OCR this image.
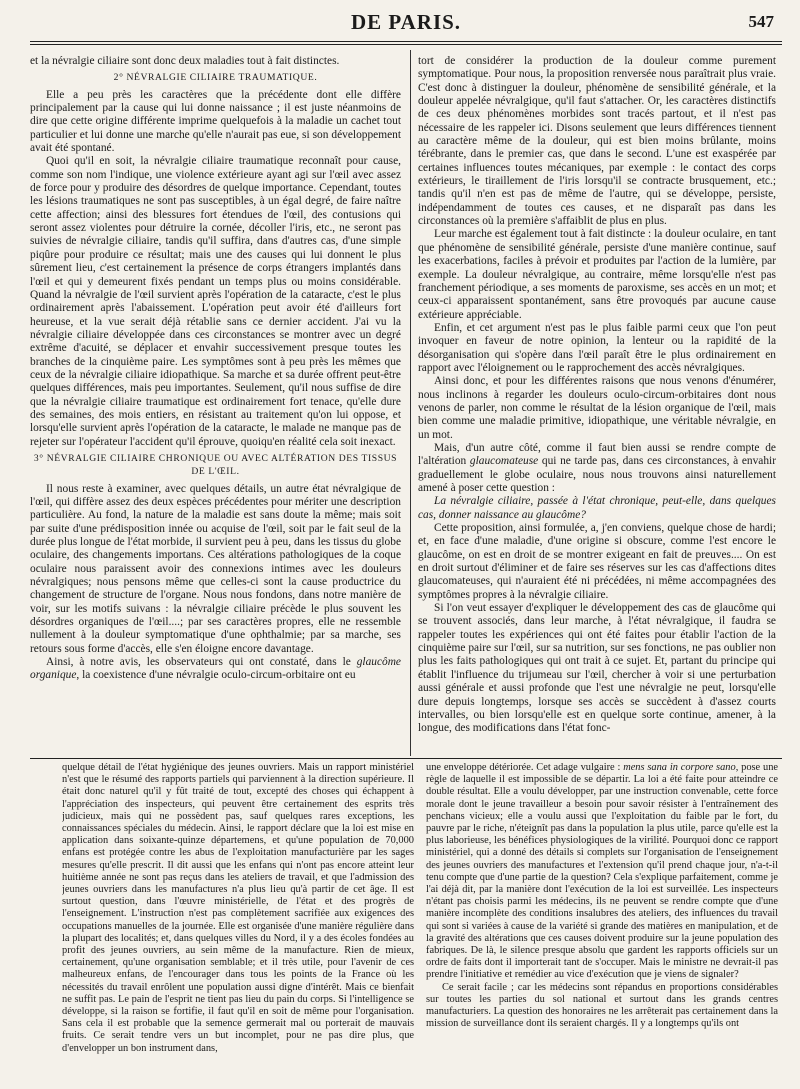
DE PARIS.	547

et la névralgie ciliaire sont donc deux maladies tout à fait distinctes.

2° NÉVRALGIE CILIAIRE TRAUMATIQUE.

Elle a peu près les caractères que la précédente dont elle diffère principalement par la cause qui lui donne naissance ; il est juste néanmoins de dire que cette origine différente imprime quelquefois à la maladie un cachet tout particulier et lui donne une marche qu'elle n'aurait pas eue, si son développement avait été spontané.

Quoi qu'il en soit, la névralgie ciliaire traumatique reconnaît pour cause, comme son nom l'indique, une violence extérieure ayant agi sur l'œil avec assez de force pour y produire des désordres de quelque importance. Cependant, toutes les lésions traumatiques ne sont pas susceptibles, à un égal degré, de faire naître cette affection; ainsi des blessures fort étendues de l'œil, des contusions qui seront assez violentes pour détruire la cornée, décoller l'iris, etc., ne seront pas suivies de névralgie ciliaire, tandis qu'il suffira, dans d'autres cas, d'une simple piqûre pour produire ce résultat; mais une des causes qui lui donnent le plus sûrement lieu, c'est certainement la présence de corps étrangers implantés dans l'œil et qui y demeurent fixés pendant un temps plus ou moins considérable. Quand la névralgie de l'œil survient après l'opération de la cataracte, c'est le plus ordinairement après l'abaissement. L'opération peut avoir été d'ailleurs fort heureuse, et la vue serait déjà rétablie sans ce dernier accident. J'ai vu la névralgie ciliaire développée dans ces circonstances se montrer avec un degré extrême d'acuité, se déplacer et envahir successivement presque toutes les branches de la cinquième paire. Les symptômes sont à peu près les mêmes que ceux de la névralgie ciliaire idiopathique. Sa marche et sa durée offrent peut-être quelques différences, mais peu importantes. Seulement, qu'il nous suffise de dire que la névralgie ciliaire traumatique est ordinairement fort tenace, qu'elle dure des semaines, des mois entiers, en résistant au traitement qu'on lui oppose, et lorsqu'elle survient après l'opération de la cataracte, le malade ne manque pas de rejeter sur l'opérateur l'accident qu'il éprouve, quoiqu'en réalité cela soit inexact.

3° NÉVRALGIE CILIAIRE CHRONIQUE OU AVEC ALTÉRATION DES TISSUS DE L'ŒIL.

Il nous reste à examiner, avec quelques détails, un autre état névralgique de l'œil, qui diffère assez des deux espèces précédentes pour mériter une description particulière. Au fond, la nature de la maladie est sans doute la même; mais soit par suite d'une prédisposition innée ou acquise de l'œil, soit par le fait seul de la durée plus longue de l'état morbide, il survient peu à peu, dans les tissus du globe oculaire, des changements importans. Ces altérations pathologiques de la coque oculaire nous paraissent avoir des connexions intimes avec les douleurs névralgiques; nous pensons même que celles-ci sont la cause productrice du changement de structure de l'organe. Nous nous fondons, dans notre manière de voir, sur les motifs suivans : la névralgie ciliaire précède le plus souvent les désordres organiques de l'œil....; par ses caractères propres, elle ne ressemble nullement à la douleur symptomatique d'une ophthalmie; par sa marche, ses retours sous forme d'accès, elle s'en éloigne encore davantage.

Ainsi, à notre avis, les observateurs qui ont constaté, dans le glaucôme organique, la coexistence d'une névralgie oculo-circum-orbitaire ont eu

tort de considérer la production de la douleur comme purement symptomatique. Pour nous, la proposition renversée nous paraîtrait plus vraie. C'est donc à distinguer la douleur, phénomène de sensibilité générale, et la douleur appelée névralgique, qu'il faut s'attacher. Or, les caractères distinctifs de ces deux phénomènes morbides sont tracés partout, et il n'est pas nécessaire de les rappeler ici. Disons seulement que leurs différences tiennent au caractère même de la douleur, qui est bien moins brûlante, moins térébrante, dans le premier cas, que dans le second. L'une est exaspérée par certaines influences toutes mécaniques, par exemple : le contact des corps extérieurs, le tiraillement de l'iris lorsqu'il se contracte brusquement, etc.; tandis qu'il n'en est pas de même de l'autre, qui se développe, persiste, indépendamment de toutes ces causes, et ne disparaît pas dans les circonstances où la première s'affaiblit de plus en plus.

Leur marche est également tout à fait distincte : la douleur oculaire, en tant que phénomène de sensibilité générale, persiste d'une manière continue, sauf les exacerbations, faciles à prévoir et produites par l'action de la lumière, par exemple. La douleur névralgique, au contraire, même lorsqu'elle n'est pas franchement périodique, a ses moments de paroxisme, ses accès en un mot; et ceux-ci apparaissent spontanément, sans être provoqués par aucune cause extérieure appréciable.

Enfin, et cet argument n'est pas le plus faible parmi ceux que l'on peut invoquer en faveur de notre opinion, la lenteur ou la rapidité de la désorganisation qui s'opère dans l'œil paraît être le plus ordinairement en rapport avec l'éloignement ou le rapprochement des accès névralgiques.

Ainsi donc, et pour les différentes raisons que nous venons d'énumérer, nous inclinons à regarder les douleurs oculo-circum-orbitaires dont nous venons de parler, non comme le résultat de la lésion organique de l'œil, mais bien comme une maladie primitive, idiopathique, une véritable névralgie, en un mot.

Mais, d'un autre côté, comme il faut bien aussi se rendre compte de l'altération glaucomateuse qui ne tarde pas, dans ces circonstances, à envahir graduellement le globe oculaire, nous nous trouvons ainsi naturellement amené à poser cette question :

La névralgie ciliaire, passée à l'état chronique, peut-elle, dans quelques cas, donner naissance au glaucôme?

Cette proposition, ainsi formulée, a, j'en conviens, quelque chose de hardi; et, en face d'une maladie, d'une origine si obscure, comme l'est encore le glaucôme, on est en droit de se montrer exigeant en fait de preuves.... On est en droit surtout d'éliminer et de faire ses réserves sur les cas d'affections dites glaucomateuses, qui n'auraient été ni précédées, ni même accompagnées des symptômes propres à la névralgie ciliaire.

Si l'on veut essayer d'expliquer le développement des cas de glaucôme qui se trouvent associés, dans leur marche, à l'état névralgique, il faudra se rappeler toutes les expériences qui ont été faites pour établir l'action de la cinquième paire sur l'œil, sur sa nutrition, sur ses fonctions, ne pas oublier non plus les faits pathologiques qui ont trait à ce sujet. Et, partant du principe qui établit l'influence du trijumeau sur l'œil, chercher à voir si une perturbation aussi générale et aussi profonde que l'est une névralgie ne peut, lorsqu'elle dure depuis longtemps, lorsque ses accès se succèdent à d'assez courts intervalles, ou bien lorsqu'elle est en quelque sorte continue, amener, à la longue, des modifications dans l'état fonc-

quelque détail de l'état hygiénique des jeunes ouvriers. Mais un rapport ministériel n'est que le résumé des rapports partiels qui parviennent à la direction supérieure. Il était donc naturel qu'il y fût traité de tout, excepté des choses qui échappent à l'appréciation des inspecteurs, qui peuvent être certainement des esprits très judicieux, mais qui ne possèdent pas, sauf quelques rares exceptions, les connaissances spéciales du médecin. Ainsi, le rapport déclare que la loi est mise en application dans soixante-quinze départemens, et qu'une population de 70,000 enfans est protégée contre les abus de l'exploitation manufacturière par les sages mesures qu'elle prescrit. Il dit aussi que les enfans qui n'ont pas encore atteint leur huitième année ne sont pas reçus dans les ateliers de travail, et que l'admission des jeunes ouvriers dans les manufactures n'a plus lieu qu'à partir de cet âge. Il est surtout question, dans l'œuvre ministérielle, de l'état et des progrès de l'enseignement. L'instruction n'est pas complètement sacrifiée aux exigences des occupations manuelles de la journée. Elle est organisée d'une manière régulière dans la plupart des localités; et, dans quelques villes du Nord, il y a des écoles fondées au profit des jeunes ouvriers, au sein même de la manufacture. Rien de mieux, certainement, qu'une organisation semblable; et il très utile, pour l'avenir de ces malheureux enfans, de l'encourager dans tous les points de la France où les nécessités du travail enrôlent une population aussi digne d'intérêt. Mais ce bienfait ne suffit pas. Le pain de l'esprit ne tient pas lieu du pain du corps. Si l'intelligence se développe, si la raison se fortifie, il faut qu'il en soit de même pour l'organisation. Sans cela il est probable que la semence germerait mal ou porterait de mauvais fruits. Ce serait tendre vers un but incomplet, pour ne pas dire plus, que d'envelopper un bon instrument dans,

une enveloppe détériorée. Cet adage vulgaire : mens sana in corpore sano, pose une règle de laquelle il est impossible de se départir. La loi a été faite pour atteindre ce double résultat. Elle a voulu développer, par une instruction convenable, cette force morale dont le jeune travailleur a besoin pour savoir résister à l'entraînement des penchans vicieux; elle a voulu aussi que l'exploitation du faible par le fort, du pauvre par le riche, n'éteignît pas dans la population la plus utile, parce qu'elle est la plus laborieuse, les bénéfices physiologiques de la virilité. Pourquoi donc ce rapport ministériel, qui a donné des détails si complets sur l'organisation de l'enseignement des jeunes ouvriers des manufactures et l'extension qu'il prend chaque jour, n'a-t-il tenu compte que d'une partie de la question? Cela s'explique parfaitement, comme je l'ai déjà dit, par la manière dont l'exécution de la loi est surveillée. Les inspecteurs n'étant pas choisis parmi les médecins, ils ne peuvent se rendre compte que d'une manière incomplète des conditions insalubres des ateliers, des influences du travail qui sont si variées à cause de la variété si grande des matières en manipulation, et de la gravité des altérations que ces causes doivent produire sur la jeune population des fabriques. De là, le silence presque absolu que gardent les rapports officiels sur un ordre de faits dont il importerait tant de s'occuper. Mais le ministre ne devrait-il pas prendre l'initiative et remédier au vice d'exécution que je viens de signaler?

Ce serait facile ; car les médecins sont répandus en proportions considérables sur toutes les parties du sol national et surtout dans les grands centres manufacturiers. La question des honoraires ne les arrêterait pas certainement dans la mission de surveillance dont ils seraient chargés. Il y a longtemps qu'ils ont
